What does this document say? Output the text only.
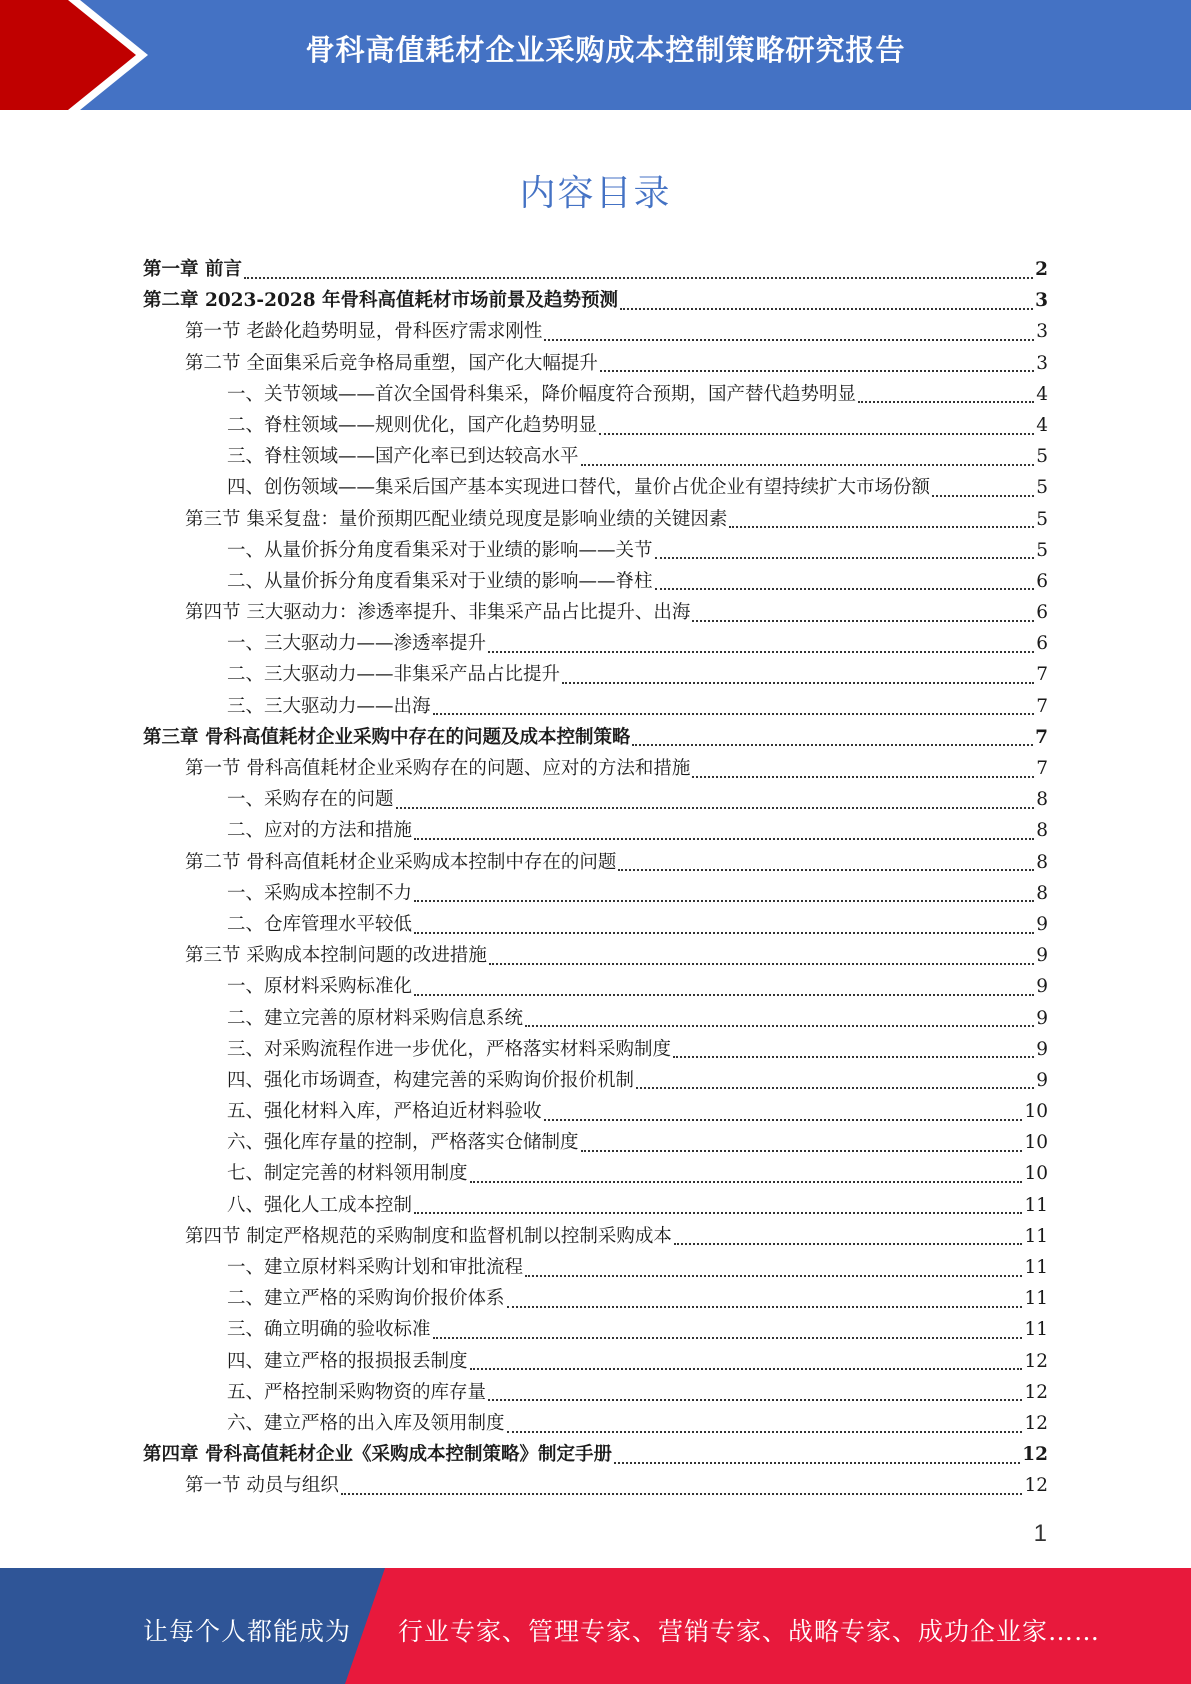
骨科高值耗材企业采购成本控制策略研究报告
内容目录
第一章 前言	2
第二章 2023-2028 年骨科高值耗材市场前景及趋势预测	3
第一节 老龄化趋势明显，骨科医疗需求刚性	3
第二节 全面集采后竞争格局重塑，国产化大幅提升	3
一、关节领域——首次全国骨科集采，降价幅度符合预期，国产替代趋势明显	4
二、脊柱领域——规则优化，国产化趋势明显	4
三、脊柱领域——国产化率已到达较高水平	5
四、创伤领域——集采后国产基本实现进口替代，量价占优企业有望持续扩大市场份额	5
第三节 集采复盘：量价预期匹配业绩兑现度是影响业绩的关键因素	5
一、从量价拆分角度看集采对于业绩的影响——关节	5
二、从量价拆分角度看集采对于业绩的影响——脊柱	6
第四节 三大驱动力：渗透率提升、非集采产品占比提升、出海	6
一、三大驱动力——渗透率提升	6
二、三大驱动力——非集采产品占比提升	7
三、三大驱动力——出海	7
第三章 骨科高值耗材企业采购中存在的问题及成本控制策略	7
第一节 骨科高值耗材企业采购存在的问题、应对的方法和措施	7
一、采购存在的问题	8
二、应对的方法和措施	8
第二节 骨科高值耗材企业采购成本控制中存在的问题	8
一、采购成本控制不力	8
二、仓库管理水平较低	9
第三节 采购成本控制问题的改进措施	9
一、原材料采购标准化	9
二、建立完善的原材料采购信息系统	9
三、对采购流程作进一步优化，严格落实材料采购制度	9
四、强化市场调查，构建完善的采购询价报价机制	9
五、强化材料入库，严格迫近材料验收	10
六、强化库存量的控制，严格落实仓储制度	10
七、制定完善的材料领用制度	10
八、强化人工成本控制	11
第四节 制定严格规范的采购制度和监督机制以控制采购成本	11
一、建立原材料采购计划和审批流程	11
二、建立严格的采购询价报价体系	11
三、确立明确的验收标准	11
四、建立严格的报损报丢制度	12
五、严格控制采购物资的库存量	12
六、建立严格的出入库及领用制度	12
第四章 骨科高值耗材企业《采购成本控制策略》制定手册	12
第一节 动员与组织	12
1
让每个人都能成为 行业专家、管理专家、营销专家、战略专家、成功企业家……
